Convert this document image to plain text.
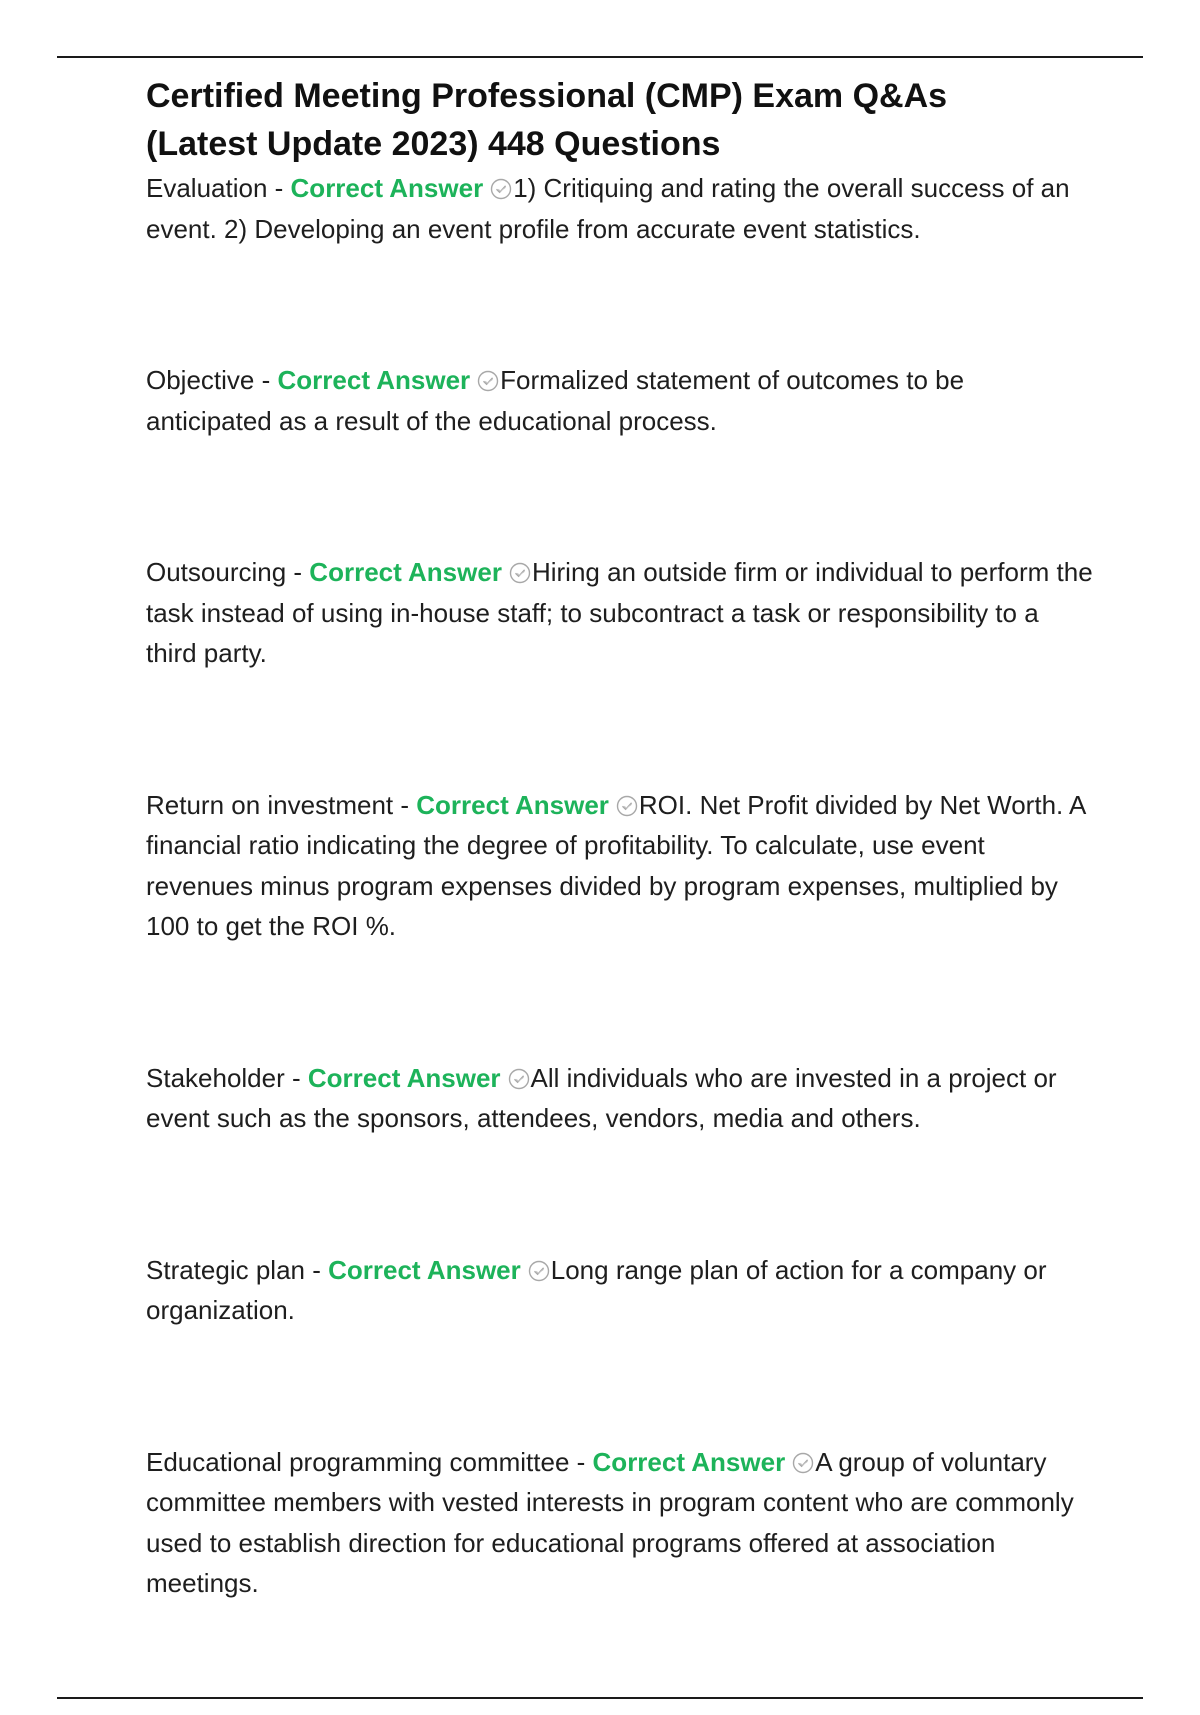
Certified Meeting Professional (CMP) Exam Q&As
(Latest Update 2023) 448 Questions

Evaluation - Correct Answer 1) Critiquing and rating the overall success of an event. 2) Developing an event profile from accurate event statistics.

Objective - Correct Answer Formalized statement of outcomes to be anticipated as a result of the educational process.

Outsourcing - Correct Answer Hiring an outside firm or individual to perform the task instead of using in-house staff; to subcontract a task or responsibility to a third party.

Return on investment - Correct Answer ROI. Net Profit divided by Net Worth. A financial ratio indicating the degree of profitability. To calculate, use event revenues minus program expenses divided by program expenses, multiplied by 100 to get the ROI %.

Stakeholder - Correct Answer All individuals who are invested in a project or event such as the sponsors, attendees, vendors, media and others.

Strategic plan - Correct Answer Long range plan of action for a company or organization.

Educational programming committee - Correct Answer A group of voluntary committee members with vested interests in program content who are commonly used to establish direction for educational programs offered at association meetings.
